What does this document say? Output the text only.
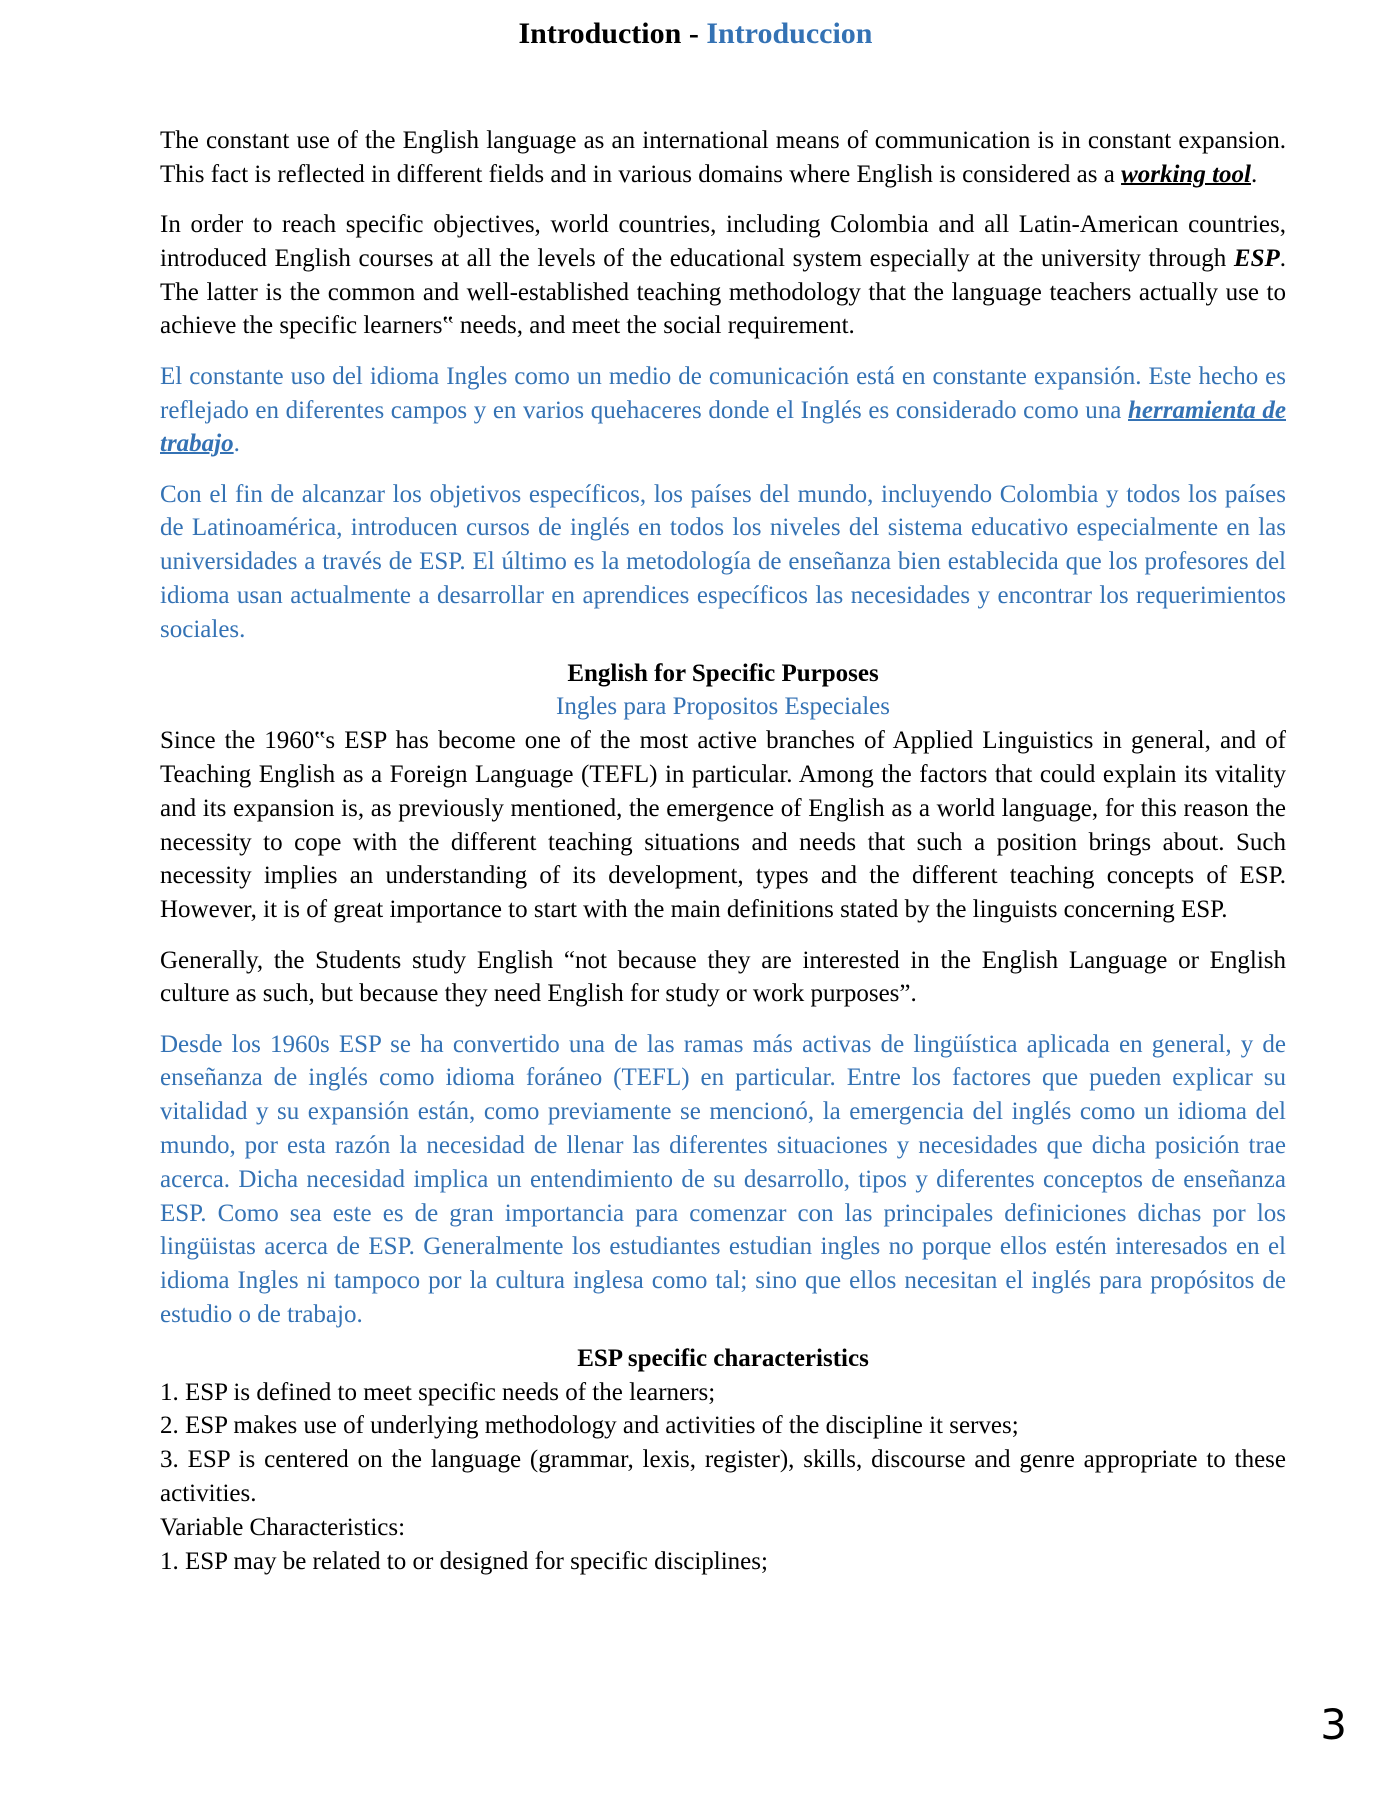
Introduction - Introduccion

The constant use of the English language as an international means of communication is in constant expansion. This fact is reflected in different fields and in various domains where English is considered as a working tool.

In order to reach specific objectives, world countries, including Colombia and all Latin-American countries, introduced English courses at all the levels of the educational system especially at the university through ESP. The latter is the common and well-established teaching methodology that the language teachers actually use to achieve the specific learners‟ needs, and meet the social requirement.

El constante uso del idioma Ingles como un medio de comunicación está en constante expansión. Este hecho es reflejado en diferentes campos y en varios quehaceres donde el Inglés es considerado como una herramienta de trabajo.

Con el fin de alcanzar los objetivos específicos, los países del mundo, incluyendo Colombia y todos los países de Latinoamérica, introducen cursos de inglés en todos los niveles del sistema educativo especialmente en las universidades a través de ESP. El último es la metodología de enseñanza bien establecida que los profesores del idioma usan actualmente a desarrollar en aprendices específicos las necesidades y encontrar los requerimientos sociales.

English for Specific Purposes
Ingles para Propositos Especiales

Since the 1960‟s ESP has become one of the most active branches of Applied Linguistics in general, and of Teaching English as a Foreign Language (TEFL) in particular. Among the factors that could explain its vitality and its expansion is, as previously mentioned, the emergence of English as a world language, for this reason the necessity to cope with the different teaching situations and needs that such a position brings about. Such necessity implies an understanding of its development, types and the different teaching concepts of ESP. However, it is of great importance to start with the main definitions stated by the linguists concerning ESP.

Generally, the Students study English “not because they are interested in the English Language or English culture as such, but because they need English for study or work purposes”.

Desde los 1960s ESP se ha convertido una de las ramas más activas de lingüística aplicada en general, y de enseñanza de inglés como idioma foráneo (TEFL) en particular. Entre los factores que pueden explicar su vitalidad y su expansión están, como previamente se mencionó, la emergencia del inglés como un idioma del mundo, por esta razón la necesidad de llenar las diferentes situaciones y necesidades que dicha posición trae acerca. Dicha necesidad implica un entendimiento de su desarrollo, tipos y diferentes conceptos de enseñanza ESP. Como sea este es de gran importancia para comenzar con las principales definiciones dichas por los lingüistas acerca de ESP. Generalmente los estudiantes estudian ingles no porque ellos estén interesados en el idioma Ingles ni tampoco por la cultura inglesa como tal; sino que ellos necesitan el inglés para propósitos de estudio o de trabajo.

ESP specific characteristics
1. ESP is defined to meet specific needs of the learners;
2. ESP makes use of underlying methodology and activities of the discipline it serves;
3. ESP is centered on the language (grammar, lexis, register), skills, discourse and genre appropriate to these activities.
Variable Characteristics:
1. ESP may be related to or designed for specific disciplines;
3
